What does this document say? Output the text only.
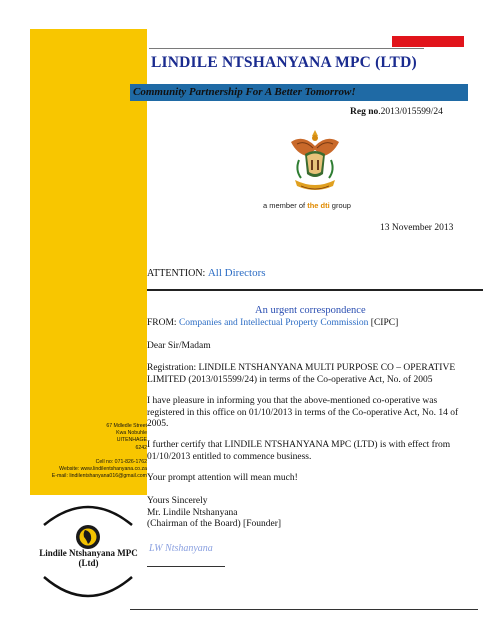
LINDILE NTSHANYANA MPC (LTD)
Community Partnership For A Better Tomorrow!
Reg no.2013/015599/24
a member of the dti group
13 November 2013
ATTENTION: All Directors
An urgent correspondence
FROM: Companies and Intellectual Property Commission [CIPC]
Dear Sir/Madam
Registration: LINDILE NTSHANYANA MULTI PURPOSE CO – OPERATIVE LIMITED (2013/015599/24) in terms of the Co-operative Act, No. of 2005
I have pleasure in informing you that the above-mentioned co-operative was registered in this office on 01/10/2013 in terms of the Co-operative Act, No. 14 of 2005.
I further certify that LINDILE NTSHANYANA MPC (LTD) is with effect from 01/10/2013 entitled to commence business.
Your prompt attention will mean much!
Yours Sincerely
Mr. Lindile Ntshanyana
(Chairman of the Board) [Founder]
LW Ntshanyana
67 Mdledle Street
Kwa Nobuhle
UITENHAGE
6242
Cell no: 071-826-1762
Website: www.lindilentshanyana.co.za
E-mail: lindilentshanyana016@gmail.com
Lindile Ntshanyana MPC
(Ltd)
